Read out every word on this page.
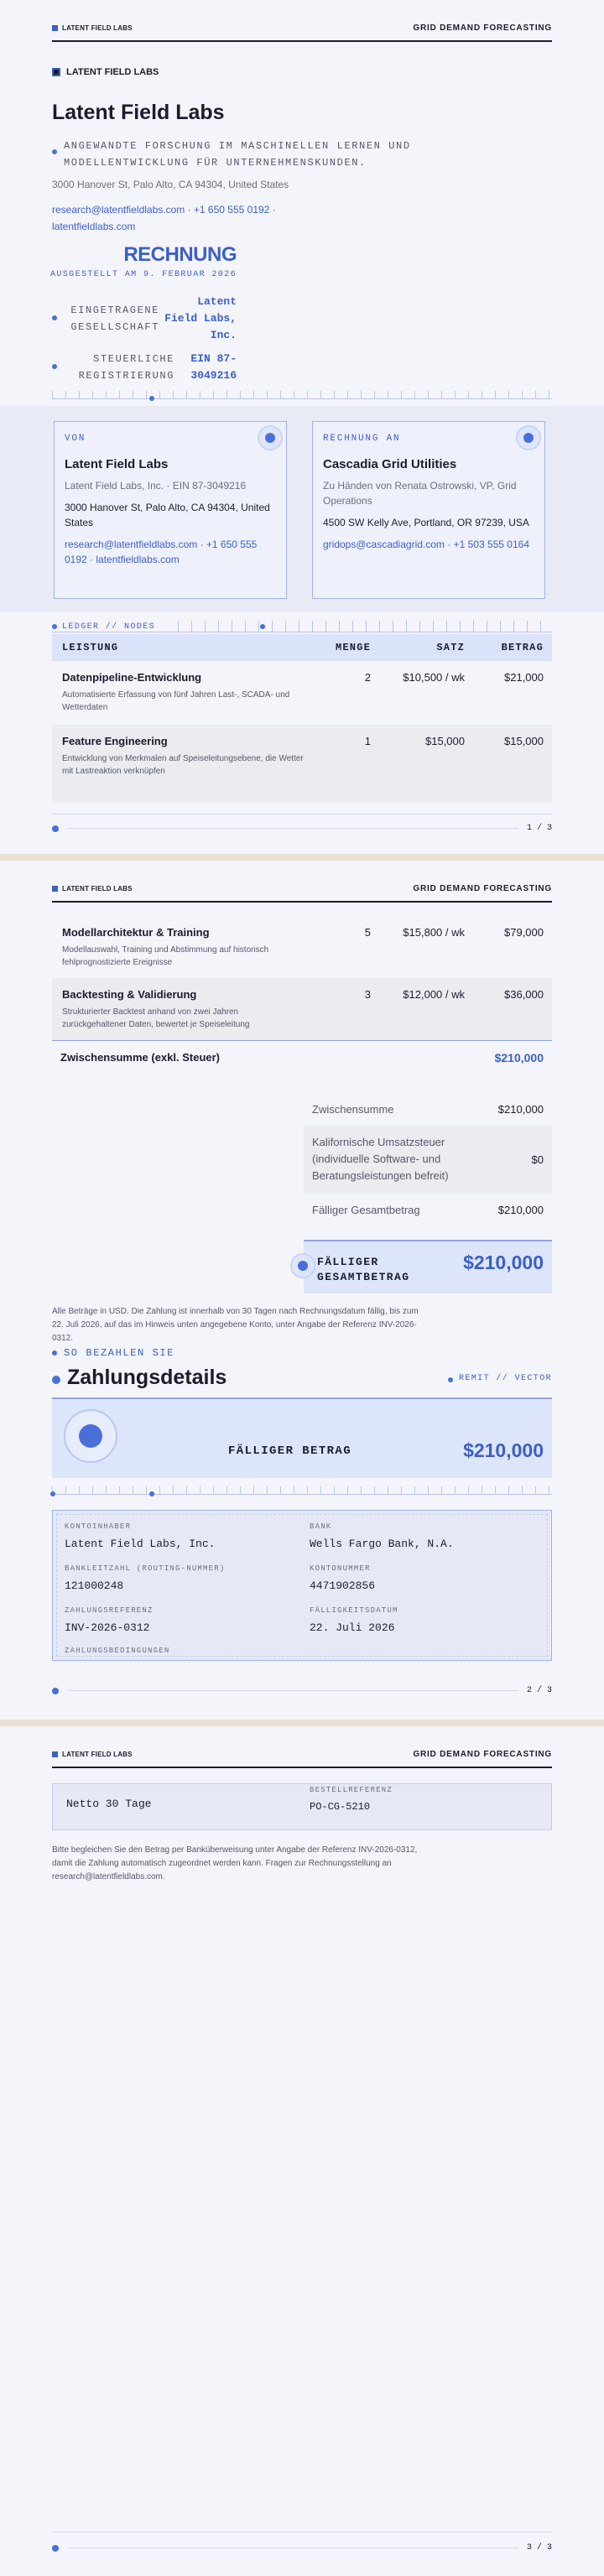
LATENT FIELD LABS	GRID DEMAND FORECASTING
LATENT FIELD LABS
Latent Field Labs
ANGEWANDTE FORSCHUNG IM MASCHINELLEN LERNEN UND MODELLENTWICKLUNG FÜR UNTERNEHMENSKUNDEN.
3000 Hanover St, Palo Alto, CA 94304, United States
research@latentfieldlabs.com · +1 650 555 0192 · latentfieldlabs.com
RECHNUNG
AUSGESTELLT AM 9. FEBRUAR 2026
EINGETRAGENE GESELLSCHAFT
Latent Field Labs, Inc.
STEUERLICHE REGISTRIERUNG
EIN 87-3049216
VON
Latent Field Labs
Latent Field Labs, Inc. · EIN 87-3049216
3000 Hanover St, Palo Alto, CA 94304, United States
research@latentfieldlabs.com · +1 650 555 0192 · latentfieldlabs.com
RECHNUNG AN
Cascadia Grid Utilities
Zu Händen von Renata Ostrowski, VP, Grid Operations
4500 SW Kelly Ave, Portland, OR 97239, USA
gridops@cascadiagrid.com · +1 503 555 0164
LEDGER // NODES
LEISTUNG	MENGE	SATZ	BETRAG
Datenpipeline-Entwicklung
Automatisierte Erfassung von fünf Jahren Last-, SCADA- und Wetterdaten
2	$10,500 / wk	$21,000
Feature Engineering
Entwicklung von Merkmalen auf Speiseleitungsebene, die Wetter mit Lastreaktion verknüpfen
1	$15,000	$15,000
1 / 3
LATENT FIELD LABS	GRID DEMAND FORECASTING
Modellarchitektur & Training
Modellauswahl, Training und Abstimmung auf historisch fehlprognostizierte Ereignisse
5	$15,800 / wk	$79,000
Backtesting & Validierung
Strukturierter Backtest anhand von zwei Jahren zurückgehaltener Daten, bewertet je Speiseleitung
3	$12,000 / wk	$36,000
Zwischensumme (exkl. Steuer)	$210,000
Zwischensumme	$210,000
Kalifornische Umsatzsteuer (individuelle Software- und Beratungsleistungen befreit)
$0
Fälliger Gesamtbetrag	$210,000
FÄLLIGER GESAMTBETRAG
$210,000
Alle Beträge in USD. Die Zahlung ist innerhalb von 30 Tagen nach Rechnungsdatum fällig, bis zum 22. Juli 2026, auf das im Hinweis unten angegebene Konto, unter Angabe der Referenz INV-2026-0312.
SO BEZAHLEN SIE
Zahlungsdetails	REMIT // VECTOR
FÄLLIGER BETRAG	$210,000
KONTOINHABER
Latent Field Labs, Inc.
BANK
Wells Fargo Bank, N.A.
BANKLEITZAHL (ROUTING-NUMMER)
121000248
KONTONUMMER
4471902856
ZAHLUNGSREFERENZ
INV-2026-0312
FÄLLIGKEITSDATUM
22. Juli 2026
ZAHLUNGSBEDINGUNGEN
2 / 3
LATENT FIELD LABS	GRID DEMAND FORECASTING
Netto 30 Tage
BESTELLREFERENZ
PO-CG-5210
Bitte begleichen Sie den Betrag per Banküberweisung unter Angabe der Referenz INV-2026-0312, damit die Zahlung automatisch zugeordnet werden kann. Fragen zur Rechnungsstellung an research@latentfieldlabs.com.
3 / 3
